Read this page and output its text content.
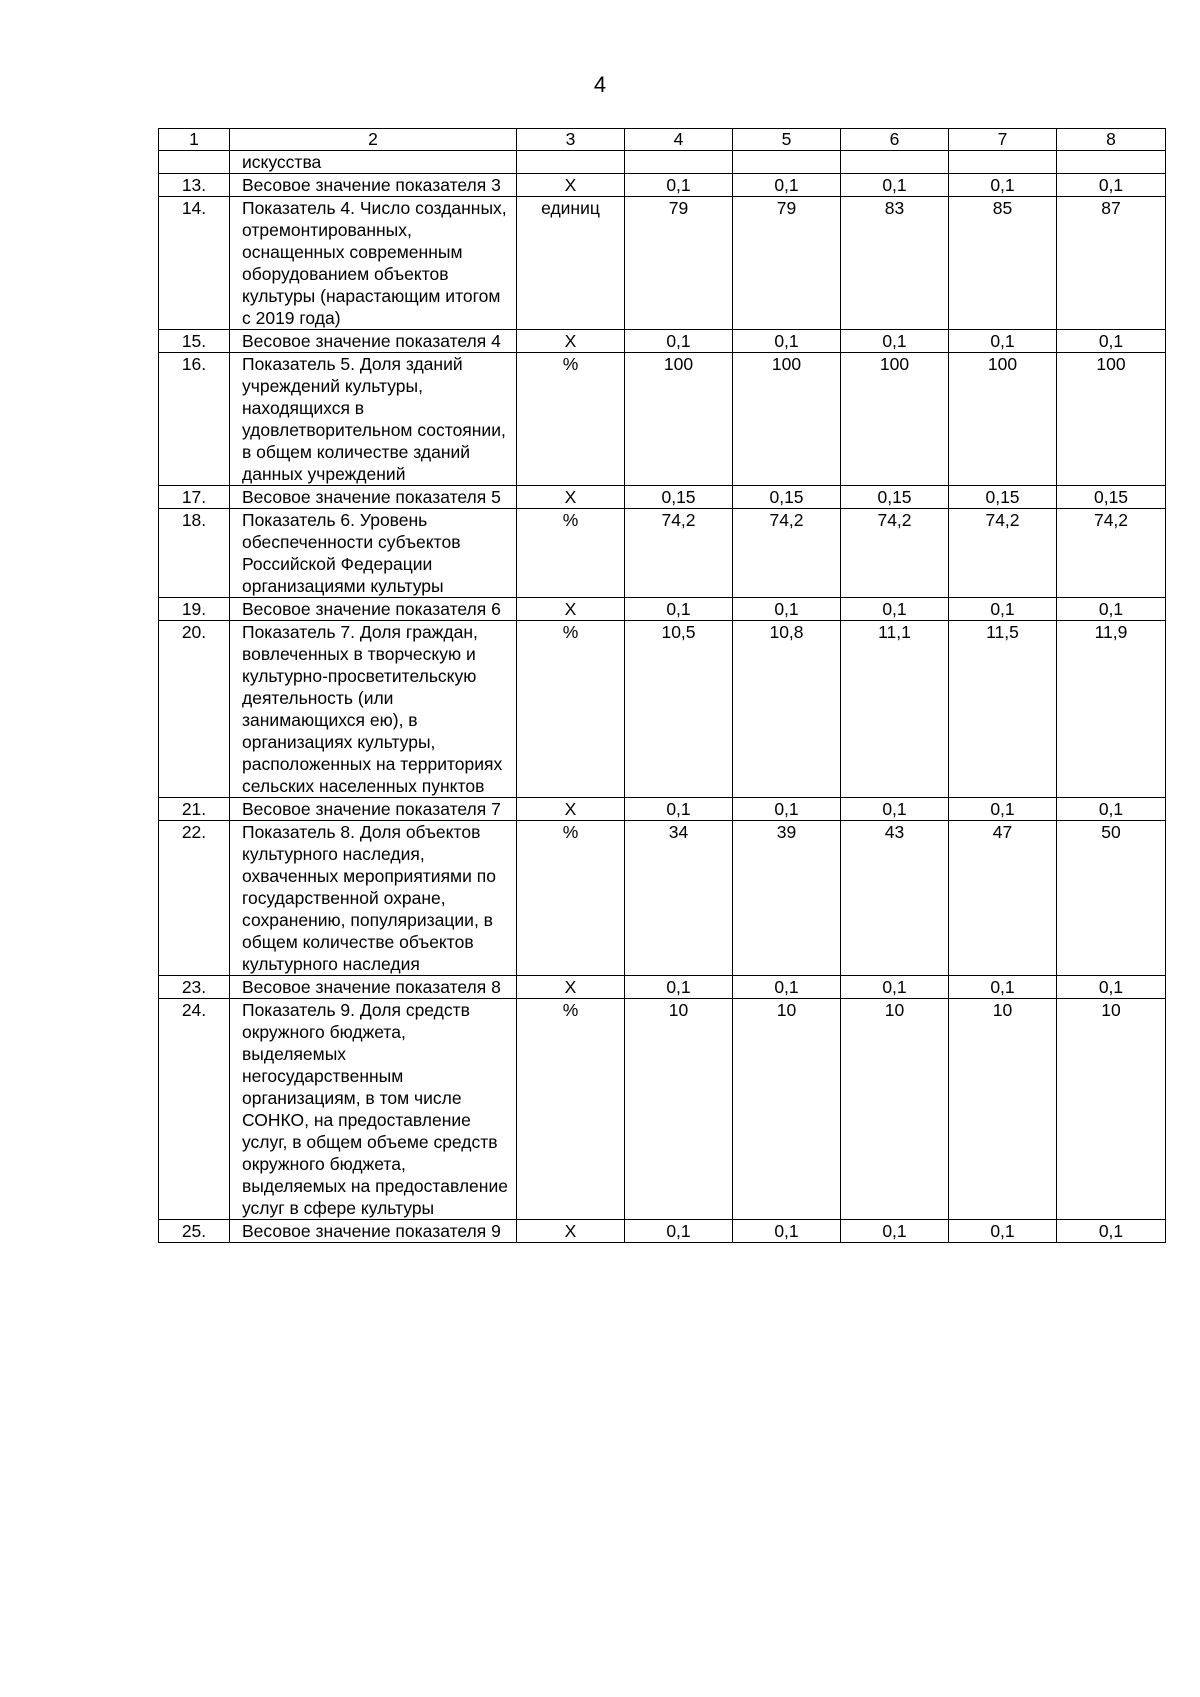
4
1	2	3	4	5	6	7	8
	искусства						
13.	Весовое значение показателя 3	X	0,1	0,1	0,1	0,1	0,1
14.	Показатель 4. Число созданных, отремонтированных, оснащенных современным оборудованием объектов культуры (нарастающим итогом с 2019 года)	единиц	79	79	83	85	87
15.	Весовое значение показателя 4	X	0,1	0,1	0,1	0,1	0,1
16.	Показатель 5. Доля зданий учреждений культуры, находящихся в удовлетворительном состоянии, в общем количестве зданий данных учреждений	%	100	100	100	100	100
17.	Весовое значение показателя 5	X	0,15	0,15	0,15	0,15	0,15
18.	Показатель 6. Уровень обеспеченности субъектов Российской Федерации организациями культуры	%	74,2	74,2	74,2	74,2	74,2
19.	Весовое значение показателя 6	X	0,1	0,1	0,1	0,1	0,1
20.	Показатель 7. Доля граждан, вовлеченных в творческую и культурно-просветительскую деятельность (или занимающихся ею), в организациях культуры, расположенных на территориях сельских населенных пунктов	%	10,5	10,8	11,1	11,5	11,9
21.	Весовое значение показателя 7	X	0,1	0,1	0,1	0,1	0,1
22.	Показатель 8. Доля объектов культурного наследия, охваченных мероприятиями по государственной охране, сохранению, популяризации, в общем количестве объектов культурного наследия	%	34	39	43	47	50
23.	Весовое значение показателя 8	X	0,1	0,1	0,1	0,1	0,1
24.	Показатель 9. Доля средств окружного бюджета, выделяемых негосударственным организациям, в том числе СОНКО, на предоставление услуг, в общем объеме средств окружного бюджета, выделяемых на предоставление услуг в сфере культуры	%	10	10	10	10	10
25.	Весовое значение показателя 9	X	0,1	0,1	0,1	0,1	0,1
